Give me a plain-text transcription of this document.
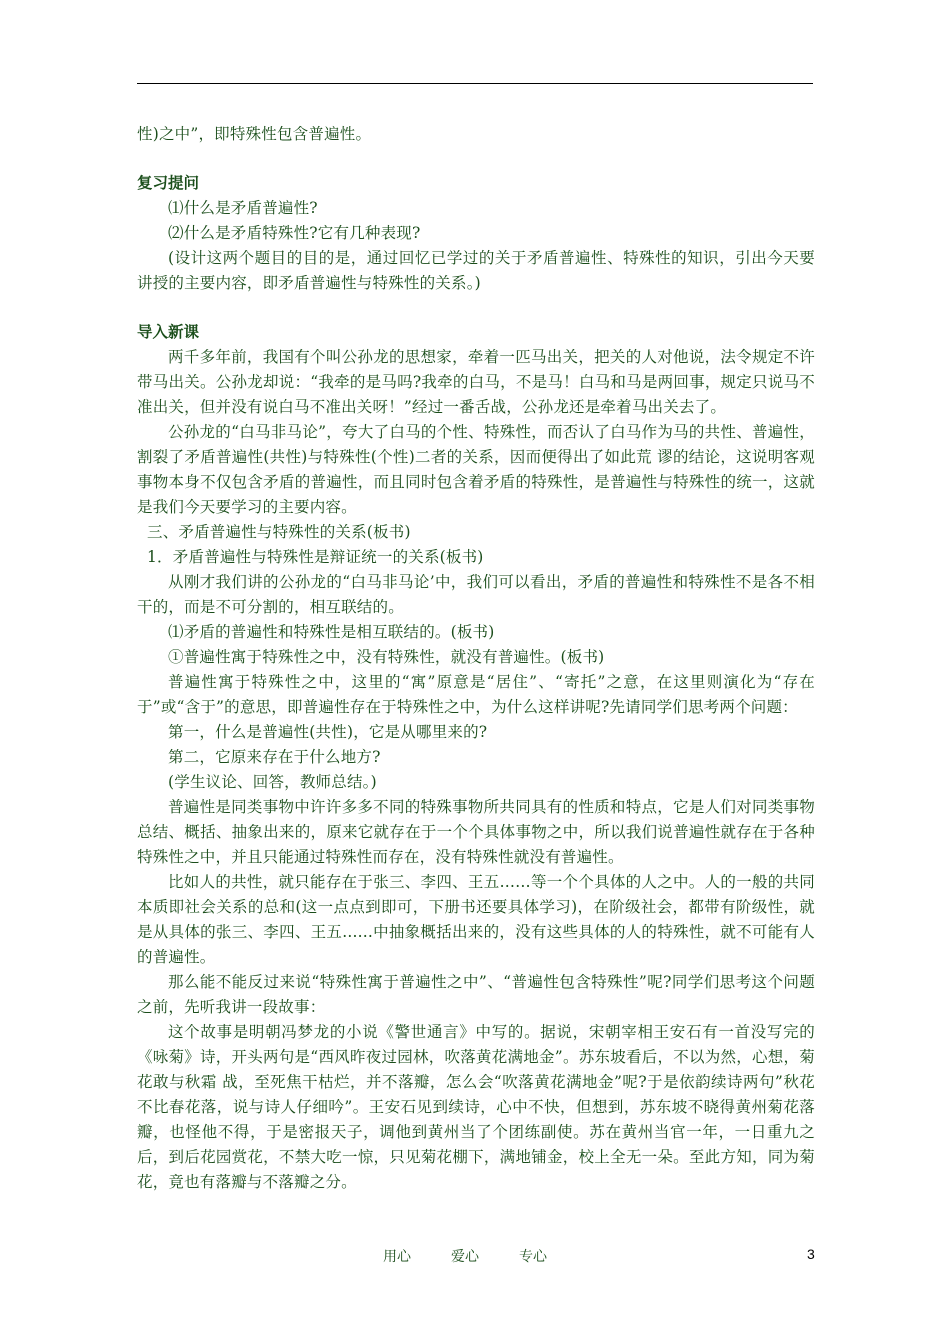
性)之中”，即特殊性包含普遍性。

复习提问

⑴什么是矛盾普遍性?

⑵什么是矛盾特殊性?它有几种表现?

(设计这两个题目的目的是，通过回忆已学过的关于矛盾普遍性、特殊性的知识，引出今天要讲授的主要内容，即矛盾普遍性与特殊性的关系。)

导入新课

两千多年前，我国有个叫公孙龙的思想家，牵着一匹马出关，把关的人对他说，法令规定不许带马出关。公孙龙却说：“我牵的是马吗?我牵的白马，不是马！白马和马是两回事，规定只说马不准出关，但并没有说白马不准出关呀！”经过一番舌战，公孙龙还是牵着马出关去了。

公孙龙的“白马非马论”，夸大了白马的个性、特殊性，而否认了白马作为马的共性、普遍性，割裂了矛盾普遍性(共性)与特殊性(个性)二者的关系，因而便得出了如此荒 谬的结论，这说明客观事物本身不仅包含矛盾的普遍性，而且同时包含着矛盾的特殊性，是普遍性与特殊性的统一，这就是我们今天要学习的主要内容。

三、矛盾普遍性与特殊性的关系(板书)

1．矛盾普遍性与特殊性是辩证统一的关系(板书)

从刚才我们讲的公孙龙的“白马非马论’中，我们可以看出，矛盾的普遍性和特殊性不是各不相干的，而是不可分割的，相互联结的。

⑴矛盾的普遍性和特殊性是相互联结的。(板书)

①普遍性寓于特殊性之中，没有特殊性，就没有普遍性。(板书)

普遍性寓于特殊性之中，这里的“寓”原意是“居住”、“寄托”之意，在这里则演化为“存在于”或“含于”的意思，即普遍性存在于特殊性之中，为什么这样讲呢?先请同学们思考两个问题：

第一，什么是普遍性(共性)，它是从哪里来的?

第二，它原来存在于什么地方?

(学生议论、回答，教师总结。)

普遍性是同类事物中许许多多不同的特殊事物所共同具有的性质和特点，它是人们对同类事物总结、概括、抽象出来的，原来它就存在于一个个具体事物之中，所以我们说普遍性就存在于各种特殊性之中，并且只能通过特殊性而存在，没有特殊性就没有普遍性。

比如人的共性，就只能存在于张三、李四、王五……等一个个具体的人之中。人的一般的共同本质即社会关系的总和(这一点点到即可，下册书还要具体学习)，在阶级社会，都带有阶级性，就是从具体的张三、李四、王五......中抽象概括出来的，没有这些具体的人的特殊性，就不可能有人的普遍性。

那么能不能反过来说“特殊性寓于普遍性之中”、“普遍性包含特殊性”呢?同学们思考这个问题之前，先听我讲一段故事：

这个故事是明朝冯梦龙的小说《警世通言》中写的。据说，宋朝宰相王安石有一首没写完的《咏菊》诗，开头两句是“西风昨夜过园林，吹落黄花满地金”。苏东坡看后，不以为然，心想，菊花敢与秋霜 战，至死焦干枯烂，并不落瓣，怎么会“吹落黄花满地金”呢?于是依韵续诗两句”秋花不比春花落，说与诗人仔细吟”。王安石见到续诗，心中不快，但想到，苏东坡不晓得黄州菊花落瓣，也怪他不得，于是密报天子，调他到黄州当了个团练副使。苏在黄州当官一年，一日重九之后，到后花园赏花，不禁大吃一惊，只见菊花棚下，满地铺金，校上全无一朵。至此方知，同为菊花，竟也有落瓣与不落瓣之分。

用心	爱心	专心	3
